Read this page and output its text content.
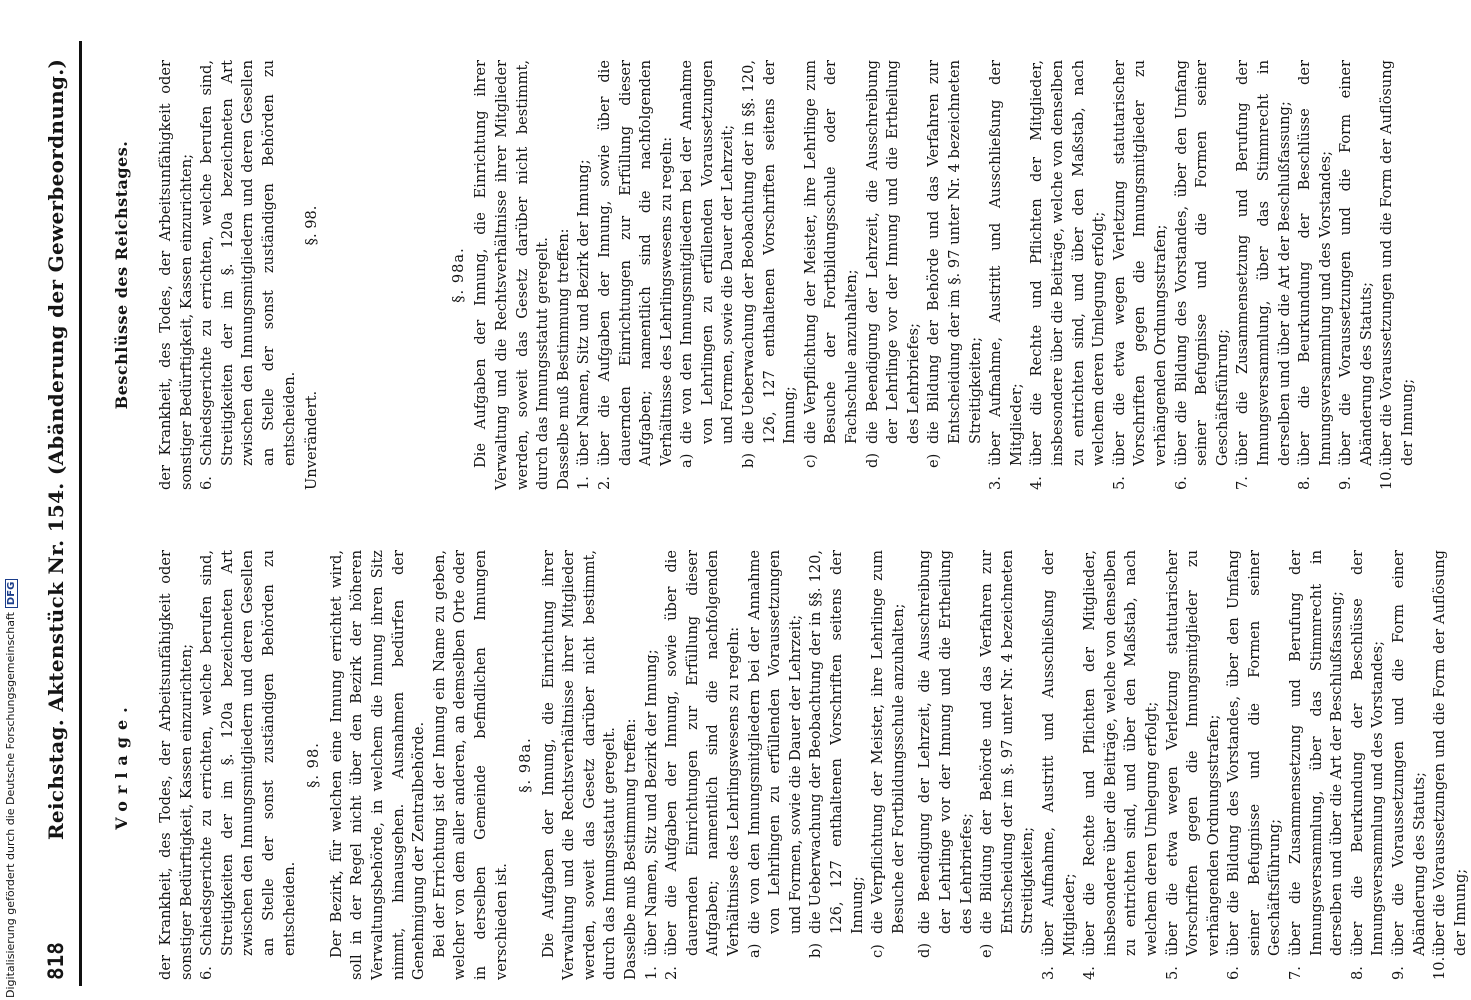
818
Reichstag. Aktenstück Nr. 154. (Abänderung der Gewerbeordnung.)	Vorlage.	der Krankheit, des Todes, der Arbeitsunfähigkeit oder sonstiger Bedürftigkeit, Kassen einzurichten; 6.
Schiedsgerichte zu errichten, welche berufen sind, Streitigkeiten der im §. 120a bezeichneten Art zwischen den Innungsmitgliedern und deren Gesellen an Stelle der sonst zuständigen Behörden zu entscheiden.
§. 98. Der Bezirk, für welchen eine Innung errichtet wird, soll in der Regel nicht über den Bezirk der höheren Verwaltungsbehörde, in welchem die Innung ihren Sitz nimmt, hinausgehen. Ausnahmen bedürfen der Genehmigung der Zentralbehörde. Bei der Errichtung ist der Innung ein Name zu geben, welcher von dem aller anderen, an demselben Orte oder in derselben Gemeinde befindlichen Innungen verschieden ist.
§. 98a. Die Aufgaben der Innung, die Einrichtung ihrer Verwaltung und die Rechtsverhältnisse ihrer Mitglieder werden, soweit das Gesetz darüber nicht bestimmt, durch das Innungsstatut geregelt. Dasselbe muß Bestimmung treffen: 1.
über Namen, Sitz und Bezirk der Innung;
2.
über die Aufgaben der Innung, sowie über die dauernden Einrichtungen zur Erfüllung dieser Aufgaben; namentlich sind die nachfolgenden Verhältnisse des Lehrlingswesens zu regeln: a)
die von den Innungsmitgliedern bei der Annahme von Lehrlingen zu erfüllenden Voraussetzungen und Formen, sowie die Dauer der Lehrzeit;
b)
die Ueberwachung der Beobachtung der in §§. 120, 126, 127 enthaltenen Vorschriften seitens der Innung;
c)
die Verpflichtung der Meister, ihre Lehrlinge zum Besuche der Fortbildungsschule anzuhalten;
d)
die Beendigung der Lehrzeit, die Ausschreibung der Lehrlinge vor der Innung und die Ertheilung des Lehrbriefes;
e)
die Bildung der Behörde und das Verfahren zur Entscheidung der im §. 97 unter Nr. 4 bezeichneten Streitigkeiten;
3.
über Aufnahme, Austritt und Ausschließung der Mitglieder;
4.
über die Rechte und Pflichten der Mitglieder, insbesondere über die Beiträge, welche von denselben zu entrichten sind, und über den Maßstab, nach welchem deren Umlegung erfolgt;
5.
über die etwa wegen Verletzung statutarischer Vorschriften gegen die Innungsmitglieder zu verhängenden Ordnungsstrafen;
6.
über die Bildung des Vorstandes, über den Umfang seiner Befugnisse und die Formen seiner Geschäftsführung;
7.
über die Zusammensetzung und Berufung der Innungsversammlung, über das Stimmrecht in derselben und über die Art der Beschlußfassung;
8.
über die Beurkundung der Beschlüsse der Innungsversammlung und des Vorstandes;
9.
über die Voraussetzungen und die Form einer Abänderung des Statuts;
10.
über die Voraussetzungen und die Form der Auflösung der Innung;
Beschlüsse des Reichstages.	der Krankheit, des Todes, der Arbeitsunfähigkeit oder sonstiger Bedürftigkeit, Kassen einzurichten; 6.
Schiedsgerichte zu errichten, welche berufen sind, Streitigkeiten der im §. 120a bezeichneten Art zwischen den Innungsmitgliedern und deren Gesellen an Stelle der sonst zuständigen Behörden zu entscheiden. Unverändert.
§. 98.
§. 98a. Die Aufgaben der Innung, die Einrichtung ihrer Verwaltung und die Rechtsverhältnisse ihrer Mitglieder werden, soweit das Gesetz darüber nicht bestimmt, durch das Innungsstatut geregelt. Dasselbe muß Bestimmung treffen: 1.
über Namen, Sitz und Bezirk der Innung;
2.
über die Aufgaben der Innung, sowie über die dauernden Einrichtungen zur Erfüllung dieser Aufgaben; namentlich sind die nachfolgenden Verhältnisse des Lehrlingswesens zu regeln: a)
die von den Innungsmitgliedern bei der Annahme von Lehrlingen zu erfüllenden Voraussetzungen und Formen, sowie die Dauer der Lehrzeit;
b)
die Ueberwachung der Beobachtung der in §§. 120, 126, 127 enthaltenen Vorschriften seitens der Innung;
c)
die Verpflichtung der Meister, ihre Lehrlinge zum Besuche der Fortbildungsschule oder der Fachschule anzuhalten;
d)
die Beendigung der Lehrzeit, die Ausschreibung der Lehrlinge vor der Innung und die Ertheilung des Lehrbriefes;
e)
die Bildung der Behörde und das Verfahren zur Entscheidung der im §. 97 unter Nr. 4 bezeichneten Streitigkeiten;
3.
über Aufnahme, Austritt und Ausschließung der Mitglieder;
4.
über die Rechte und Pflichten der Mitglieder, insbesondere über die Beiträge, welche von denselben zu entrichten sind, und über den Maßstab, nach welchem deren Umlegung erfolgt;
5.
über die etwa wegen Verletzung statutarischer Vorschriften gegen die Innungsmitglieder zu verhängenden Ordnungsstrafen;
6.
über die Bildung des Vorstandes, über den Umfang seiner Befugnisse und die Formen seiner Geschäftsführung;
7.
über die Zusammensetzung und Berufung der Innungsversammlung, über das Stimmrecht in derselben und über die Art der Beschlußfassung;
8.
über die Beurkundung der Beschlüsse der Innungsversammlung und des Vorstandes;
9.
über die Voraussetzungen und die Form einer Abänderung des Statuts;
10.
über die Voraussetzungen und die Form der Auflösung der Innung;
Digitalisierung gefördert durch die Deutsche ForschungsgemeinschaftDFG
